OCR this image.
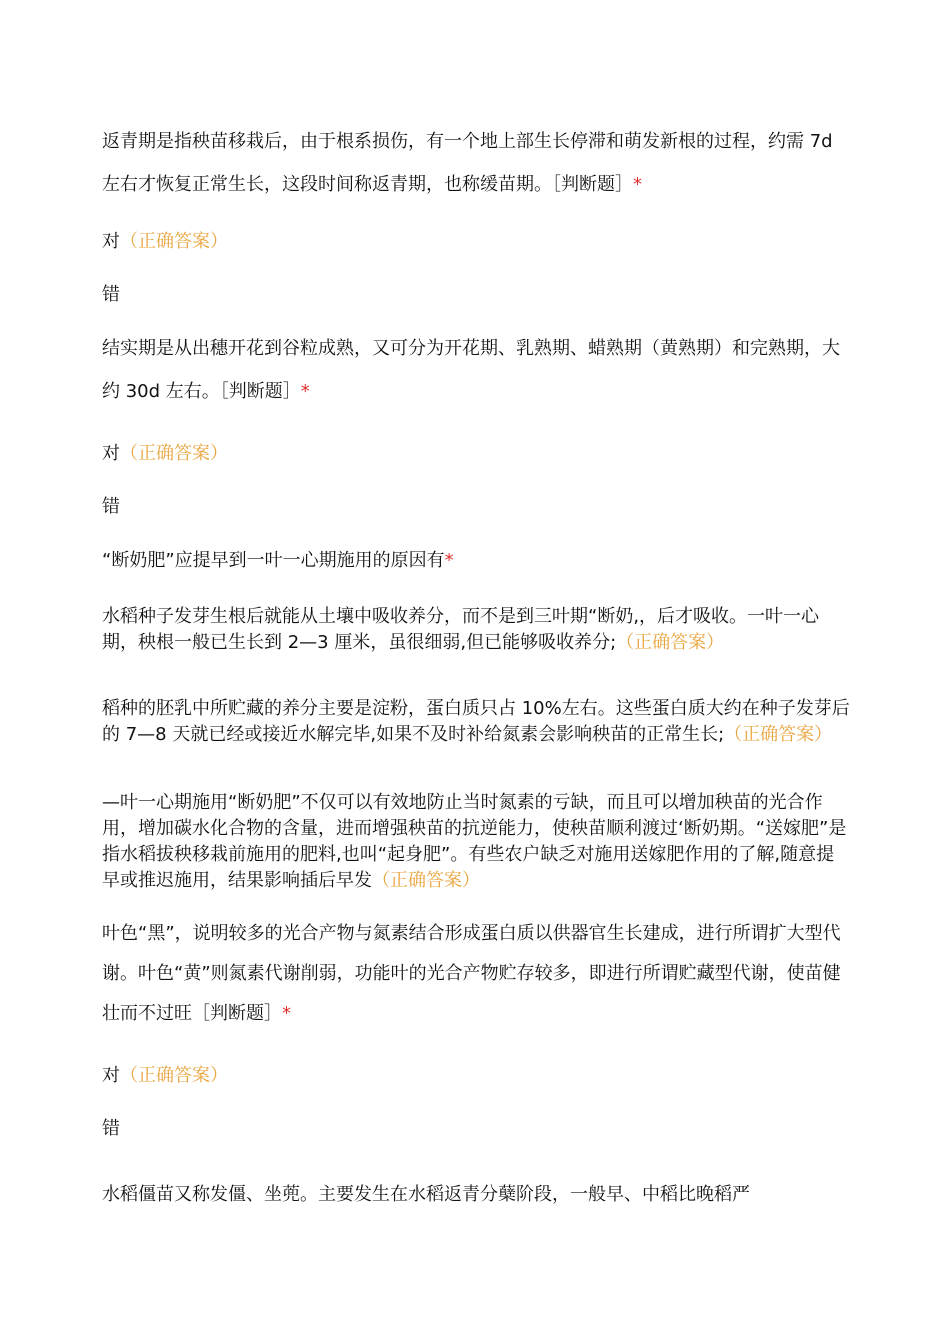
返青期是指秧苗移栽后，由于根系损伤，有一个地上部生长停滞和萌发新根的过程，约需 7d 左右才恢复正常生长，这段时间称返青期，也称缓苗期。［判断题］*
对（正确答案）
错
结实期是从出穗开花到谷粒成熟，又可分为开花期、乳熟期、蜡熟期（黄熟期）和完熟期，大约 30d 左右。［判断题］*
对（正确答案）
错
“断奶肥”应提早到一叶一心期施用的原因有*
水稻种子发芽生根后就能从土壤中吸收养分，而不是到三叶期“断奶,，后才吸收。一叶一心期，秧根一般已生长到 2—3 厘米，虽很细弱,但已能够吸收养分;（正确答案）
稻种的胚乳中所贮藏的养分主要是淀粉，蛋白质只占 10%左右。这些蛋白质大约在种子发芽后的 7—8 天就已经或接近水解完毕,如果不及时补给氮素会影响秧苗的正常生长;（正确答案）
—叶一心期施用“断奶肥”不仅可以有效地防止当时氮素的亏缺，而且可以增加秧苗的光合作用，增加碳水化合物的含量，进而增强秧苗的抗逆能力，使秧苗顺利渡过‘断奶期。“送嫁肥”是指水稻拔秧移栽前施用的肥料,也叫“起身肥”。有些农户缺乏对施用送嫁肥作用的了解,随意提早或推迟施用，结果影响插后早发（正确答案）
叶色“黑”，说明较多的光合产物与氮素结合形成蛋白质以供器官生长建成，进行所谓扩大型代谢。叶色“黄”则氮素代谢削弱，功能叶的光合产物贮存较多，即进行所谓贮藏型代谢，使苗健壮而不过旺［判断题］*
对（正确答案）
错
水稻僵苗又称发僵、坐蔸。主要发生在水稻返青分蘖阶段，一般早、中稻比晚稻严
